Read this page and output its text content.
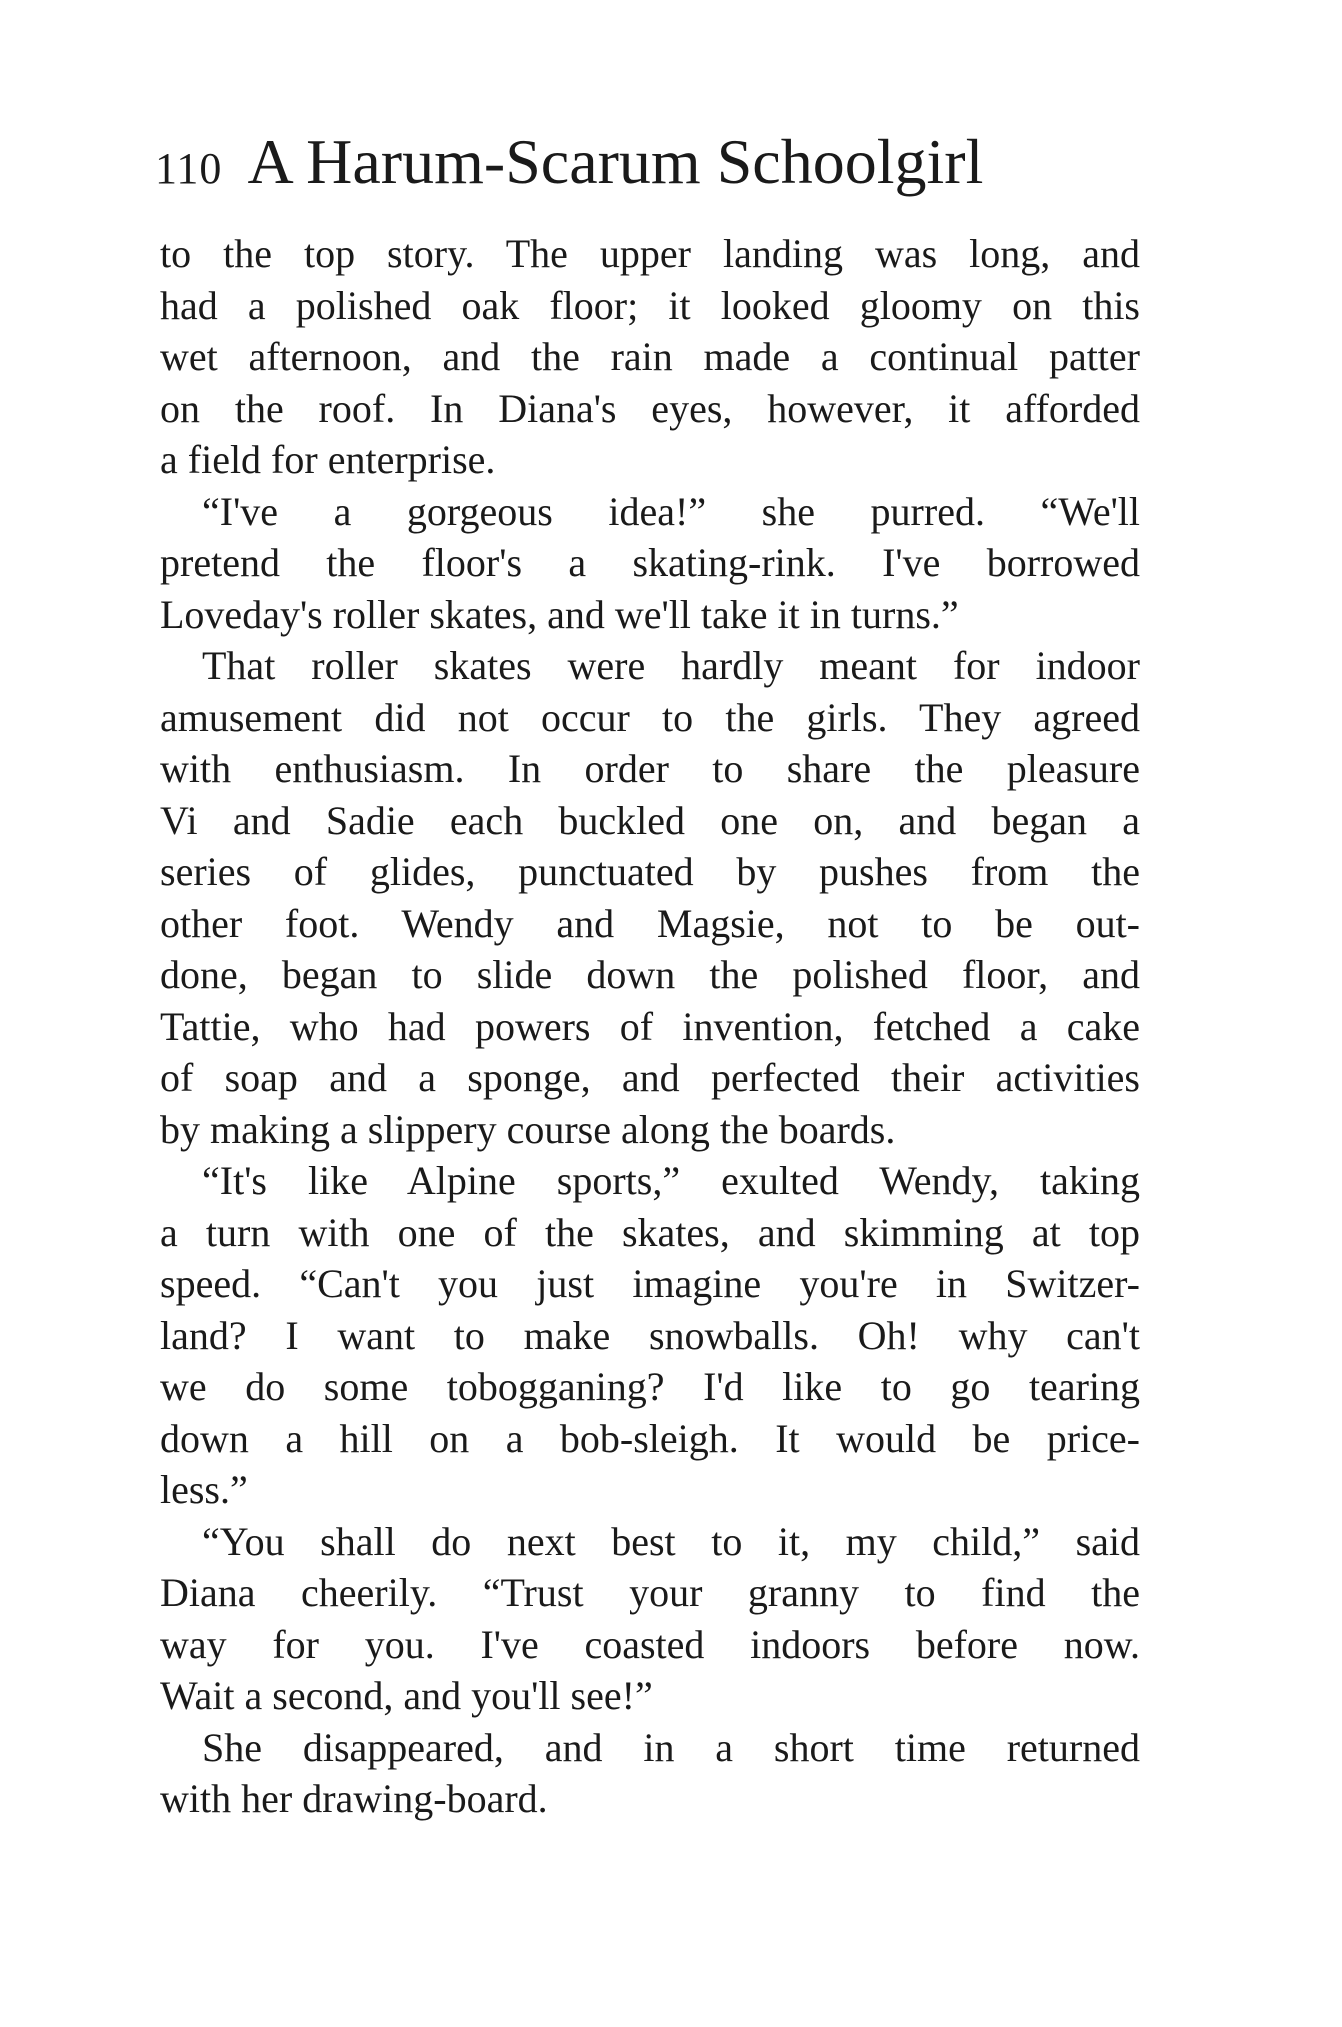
110 A Harum-Scarum Schoolgirl
to the top story. The upper landing was long, and
had a polished oak floor; it looked gloomy on this
wet afternoon, and the rain made a continual patter
on the roof. In Diana's eyes, however, it afforded
a field for enterprise.
“I've a gorgeous idea!” she purred. “We'll
pretend the floor's a skating-rink. I've borrowed
Loveday's roller skates, and we'll take it in turns.”
That roller skates were hardly meant for indoor
amusement did not occur to the girls. They agreed
with enthusiasm. In order to share the pleasure
Vi and Sadie each buckled one on, and began a
series of glides, punctuated by pushes from the
other foot. Wendy and Magsie, not to be out-
done, began to slide down the polished floor, and
Tattie, who had powers of invention, fetched a cake
of soap and a sponge, and perfected their activities
by making a slippery course along the boards.
“It's like Alpine sports,” exulted Wendy, taking
a turn with one of the skates, and skimming at top
speed. “Can't you just imagine you're in Switzer-
land? I want to make snowballs. Oh! why can't
we do some tobogganing? I'd like to go tearing
down a hill on a bob-sleigh. It would be price-
less.”
“You shall do next best to it, my child,” said
Diana cheerily. “Trust your granny to find the
way for you. I've coasted indoors before now.
Wait a second, and you'll see!”
She disappeared, and in a short time returned
with her drawing-board.
